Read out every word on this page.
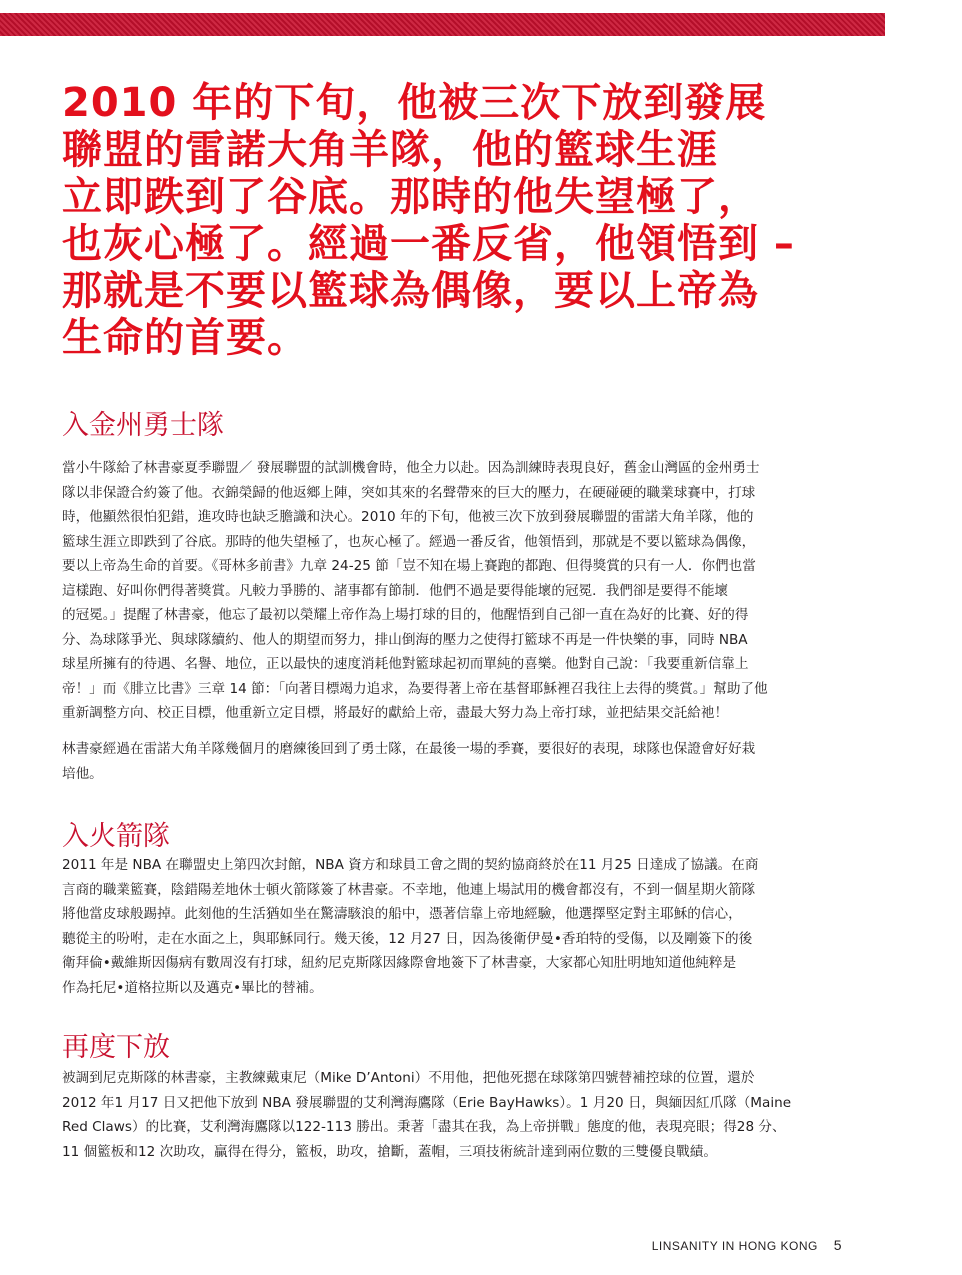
2010 年的下旬，他被三次下放到發展
聯盟的雷諾大角羊隊，他的籃球生涯
立即跌到了谷底。那時的他失望極了，
也灰心極了。經過一番反省，他領悟到 –
那就是不要以籃球為偶像，要以上帝為
生命的首要。
入金州勇士隊
當小牛隊給了林書豪夏季聯盟／ 發展聯盟的試訓機會時，他全力以赴。因為訓練時表現良好，舊金山灣區的金州勇士
隊以非保證合約簽了他。衣錦榮歸的他返鄉上陣，突如其來的名聲帶來的巨大的壓力，在硬碰硬的職業球賽中，打球
時，他顯然很怕犯錯，進攻時也缺乏膽識和決心。2010 年的下旬，他被三次下放到發展聯盟的雷諾大角羊隊，他的
籃球生涯立即跌到了谷底。那時的他失望極了，也灰心極了。經過一番反省，他領悟到，那就是不要以籃球為偶像，
要以上帝為生命的首要。《哥林多前書》九章 24-25 節「豈不知在場上賽跑的都跑、但得獎賞的只有一人．你們也當
這樣跑、好叫你們得著獎賞。凡較力爭勝的、諸事都有節制．他們不過是要得能壞的冠冕．我們卻是要得不能壞
的冠冕。」提醒了林書豪，他忘了最初以榮耀上帝作為上場打球的目的，他醒悟到自己卻一直在為好的比賽、好的得
分、為球隊爭光、與球隊續約、他人的期望而努力，排山倒海的壓力之使得打籃球不再是一件快樂的事，同時 NBA
球星所擁有的待遇、名譽、地位，正以最快的速度消耗他對籃球起初而單純的喜樂。他對自己說：「我要重新信靠上
帝！」而《腓立比書》三章 14 節：「向著目標竭力追求，為要得著上帝在基督耶穌裡召我往上去得的獎賞。」幫助了他
重新調整方向、校正目標，他重新立定目標，將最好的獻給上帝，盡最大努力為上帝打球，並把結果交託給祂！
林書豪經過在雷諾大角羊隊幾個月的磨練後回到了勇士隊，在最後一場的季賽，要很好的表現，球隊也保證會好好栽
培他。
入火箭隊
2011 年是 NBA 在聯盟史上第四次封館，NBA 資方和球員工會之間的契約協商終於在11 月25 日達成了協議。在商
言商的職業籃賽，陰錯陽差地休士頓火箭隊簽了林書豪。不幸地，他連上場試用的機會都沒有，不到一個星期火箭隊
將他當皮球般踢掉。此刻他的生活猶如坐在驚濤駭浪的船中，憑著信靠上帝地經驗，他選擇堅定對主耶穌的信心，
聽從主的吩咐，走在水面之上，與耶穌同行。幾天後，12 月27 日，因為後衛伊曼•香珀特的受傷，以及剛簽下的後
衛拜倫•戴維斯因傷病有數周沒有打球，紐約尼克斯隊因緣際會地簽下了林書豪，大家都心知肚明地知道他純粹是
作為托尼•道格拉斯以及邁克•畢比的替補。
再度下放
被調到尼克斯隊的林書豪，主教練戴東尼（Mike D’Antoni）不用他，把他死摁在球隊第四號替補控球的位置，還於
2012 年1 月17 日又把他下放到 NBA 發展聯盟的艾利灣海鷹隊（Erie BayHawks）。1 月20 日，與緬因紅爪隊（Maine
Red Claws）的比賽，艾利灣海鷹隊以122-113 勝出。秉著「盡其在我，為上帝拼戰」態度的他，表現亮眼；得28 分、
11 個籃板和12 次助攻，贏得在得分，籃板，助攻，搶斷，蓋帽，三項技術統計達到兩位數的三雙優良戰績。
LINSANITY IN HONG KONG 5
